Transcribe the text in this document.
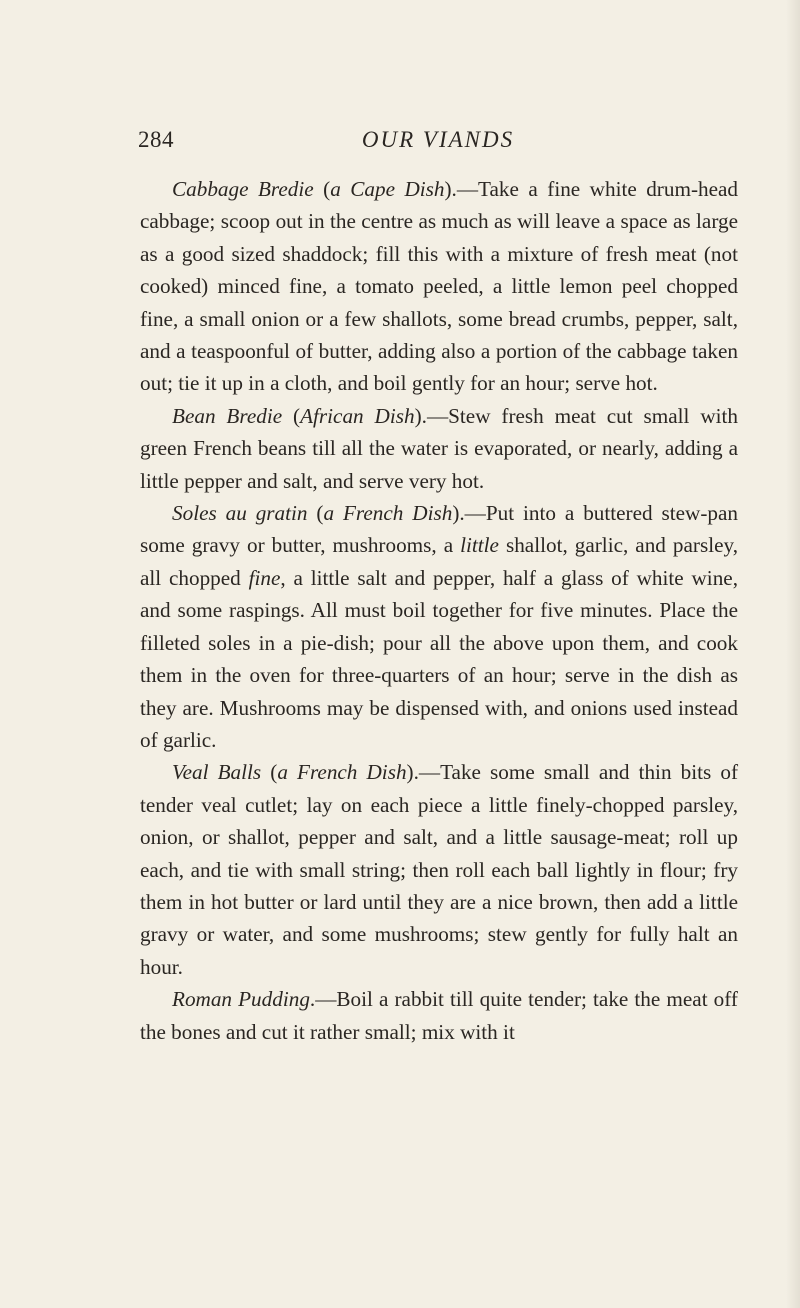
284	OUR VIANDS

Cabbage Bredie (a Cape Dish).—Take a fine white drum-head cabbage; scoop out in the centre as much as will leave a space as large as a good sized shaddock; fill this with a mixture of fresh meat (not cooked) minced fine, a tomato peeled, a little lemon peel chopped fine, a small onion or a few shallots, some bread crumbs, pepper, salt, and a teaspoonful of butter, adding also a portion of the cabbage taken out; tie it up in a cloth, and boil gently for an hour; serve hot.

Bean Bredie (African Dish).—Stew fresh meat cut small with green French beans till all the water is evaporated, or nearly, adding a little pepper and salt, and serve very hot.

Soles au gratin (a French Dish).—Put into a buttered stew-pan some gravy or butter, mushrooms, a little shallot, garlic, and parsley, all chopped fine, a little salt and pepper, half a glass of white wine, and some raspings. All must boil together for five minutes. Place the filleted soles in a pie-dish; pour all the above upon them, and cook them in the oven for three-quarters of an hour; serve in the dish as they are. Mushrooms may be dispensed with, and onions used instead of garlic.

Veal Balls (a French Dish).—Take some small and thin bits of tender veal cutlet; lay on each piece a little finely-chopped parsley, onion, or shallot, pepper and salt, and a little sausage-meat; roll up each, and tie with small string; then roll each ball lightly in flour; fry them in hot butter or lard until they are a nice brown, then add a little gravy or water, and some mushrooms; stew gently for fully halt an hour.

Roman Pudding.—Boil a rabbit till quite tender; take the meat off the bones and cut it rather small; mix with it
